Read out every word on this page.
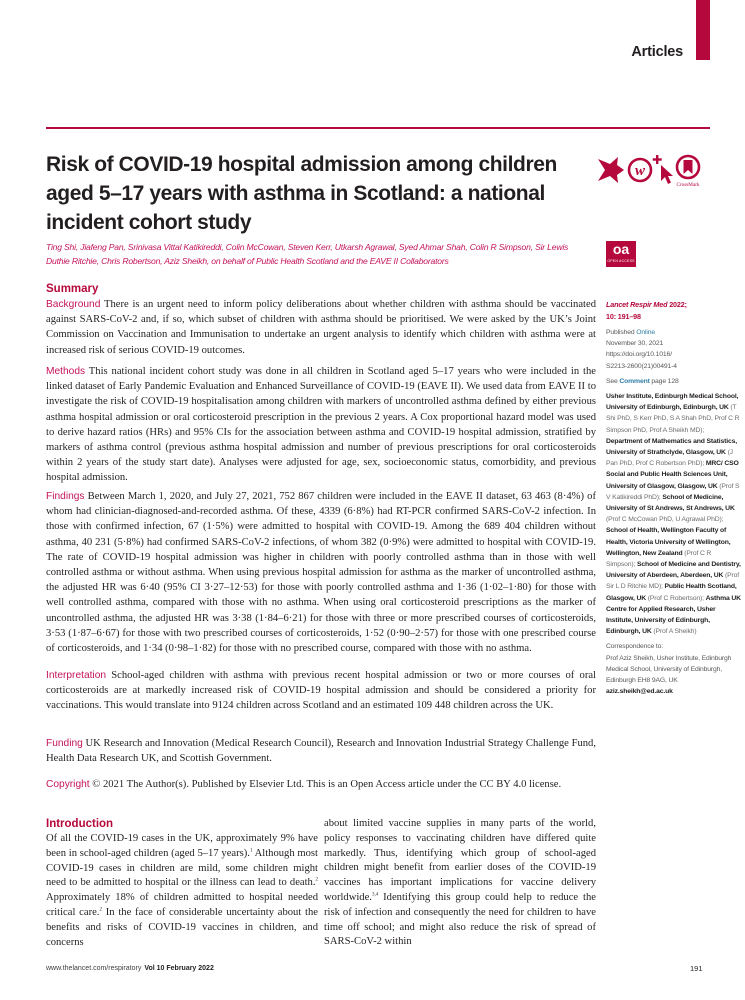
Articles
Risk of COVID-19 hospital admission among children aged 5–17 years with asthma in Scotland: a national incident cohort study
Ting Shi, Jiafeng Pan, Srinivasa Vittal Katikireddi, Colin McCowan, Steven Kerr, Utkarsh Agrawal, Syed Ahmar Shah, Colin R Simpson, Sir Lewis Duthie Ritchie, Chris Robertson, Aziz Sheikh, on behalf of Public Health Scotland and the EAVE II Collaborators
w
CrossMark
oa
OPEN ACCESS
Summary

Background There is an urgent need to inform policy deliberations about whether children with asthma should be vaccinated against SARS-CoV-2 and, if so, which subset of children with asthma should be prioritised. We were asked by the UK’s Joint Commission on Vaccination and Immunisation to undertake an urgent analysis to identify which children with asthma were at increased risk of serious COVID-19 outcomes.

Methods This national incident cohort study was done in all children in Scotland aged 5–17 years who were included in the linked dataset of Early Pandemic Evaluation and Enhanced Surveillance of COVID-19 (EAVE II). We used data from EAVE II to investigate the risk of COVID-19 hospitalisation among children with markers of uncontrolled asthma defined by either previous asthma hospital admission or oral corticosteroid prescription in the previous 2 years. A Cox proportional hazard model was used to derive hazard ratios (HRs) and 95% CIs for the association between asthma and COVID-19 hospital admission, stratified by markers of asthma control (previous asthma hospital admission and number of previous prescriptions for oral corticosteroids within 2 years of the study start date). Analyses were adjusted for age, sex, socioeconomic status, comorbidity, and previous hospital admission.

Findings Between March 1, 2020, and July 27, 2021, 752 867 children were included in the EAVE II dataset, 63 463 (8·4%) of whom had clinician-diagnosed-and-recorded asthma. Of these, 4339 (6·8%) had RT-PCR confirmed SARS-CoV-2 infection. In those with confirmed infection, 67 (1·5%) were admitted to hospital with COVID-19. Among the 689 404 children without asthma, 40 231 (5·8%) had confirmed SARS-CoV-2 infections, of whom 382 (0·9%) were admitted to hospital with COVID-19. The rate of COVID-19 hospital admission was higher in children with poorly controlled asthma than in those with well controlled asthma or without asthma. When using previous hospital admission for asthma as the marker of uncontrolled asthma, the adjusted HR was 6·40 (95% CI 3·27–12·53) for those with poorly controlled asthma and 1·36 (1·02–1·80) for those with well controlled asthma, compared with those with no asthma. When using oral corticosteroid prescriptions as the marker of uncontrolled asthma, the adjusted HR was 3·38 (1·84–6·21) for those with three or more prescribed courses of corticosteroids, 3·53 (1·87–6·67) for those with two prescribed courses of corticosteroids, 1·52 (0·90–2·57) for those with one prescribed course of corticosteroids, and 1·34 (0·98–1·82) for those with no prescribed course, compared with those with no asthma.

Interpretation School-aged children with asthma with previous recent hospital admission or two or more courses of oral corticosteroids are at markedly increased risk of COVID-19 hospital admission and should be considered a priority for vaccinations. This would translate into 9124 children across Scotland and an estimated 109 448 children across the UK.

Funding UK Research and Innovation (Medical Research Council), Research and Innovation Industrial Strategy Challenge Fund, Health Data Research UK, and Scottish Government.

Copyright © 2021 The Author(s). Published by Elsevier Ltd. This is an Open Access article under the CC BY 4.0 license.

Introduction
Of all the COVID-19 cases in the UK, approximately 9% have been in school-aged children (aged 5–17 years).$^1$ Although most COVID-19 cases in children are mild, some children might need to be admitted to hospital or the illness can lead to death.$^2$ Approximately 18% of children admitted to hospital needed critical care.$^2$ In the face of considerable uncertainty about the benefits and risks of COVID-19 vaccines in children, and concerns
about limited vaccine supplies in many parts of the world, policy responses to vaccinating children have differed quite markedly. Thus, identifying which group of school-aged children might benefit from earlier doses of the COVID-19 vaccines has important implications for vaccine delivery worldwide.$^{3,4}$ Identifying this group could help to reduce the risk of infection and consequently the need for children to have time off school; and might also reduce the risk of spread of SARS-CoV-2 within
Lancet Respir Med 2022;
10: 191–98
Published Online
November 30, 2021
https://doi.org/10.1016/
S2213-2600(21)00491-4
See Comment page 128
Usher Institute, Edinburgh Medical School, University of Edinburgh, Edinburgh, UK (T Shi PhD, S Kerr PhD, S A Shah PhD, Prof C R Simpson PhD, Prof A Sheikh MD); Department of Mathematics and Statistics, University of Strathclyde, Glasgow, UK (J Pan PhD, Prof C Robertson PhD); MRC/ CSO Social and Public Health Sciences Unit, University of Glasgow, Glasgow, UK (Prof S V Katikireddi PhD); School of Medicine, University of St Andrews, St Andrews, UK (Prof C McCowan PhD, U Agrawal PhD); School of Health, Wellington Faculty of Health, Victoria University of Wellington, Wellington, New Zealand (Prof C R Simpson); School of Medicine and Dentistry, University of Aberdeen, Aberdeen, UK (Prof Sir L D Ritchie MD); Public Health Scotland, Glasgow, UK (Prof C Robertson); Asthma UK Centre for Applied Research, Usher Institute, University of Edinburgh, Edinburgh, UK (Prof A Sheikh)
Correspondence to:
Prof Aziz Sheikh, Usher Institute, Edinburgh Medical School, University of Edinburgh, Edinburgh EH8 9AG, UK
aziz.sheikh@ed.ac.uk
www.thelancet.com/respiratory Vol 10 February 2022	191
